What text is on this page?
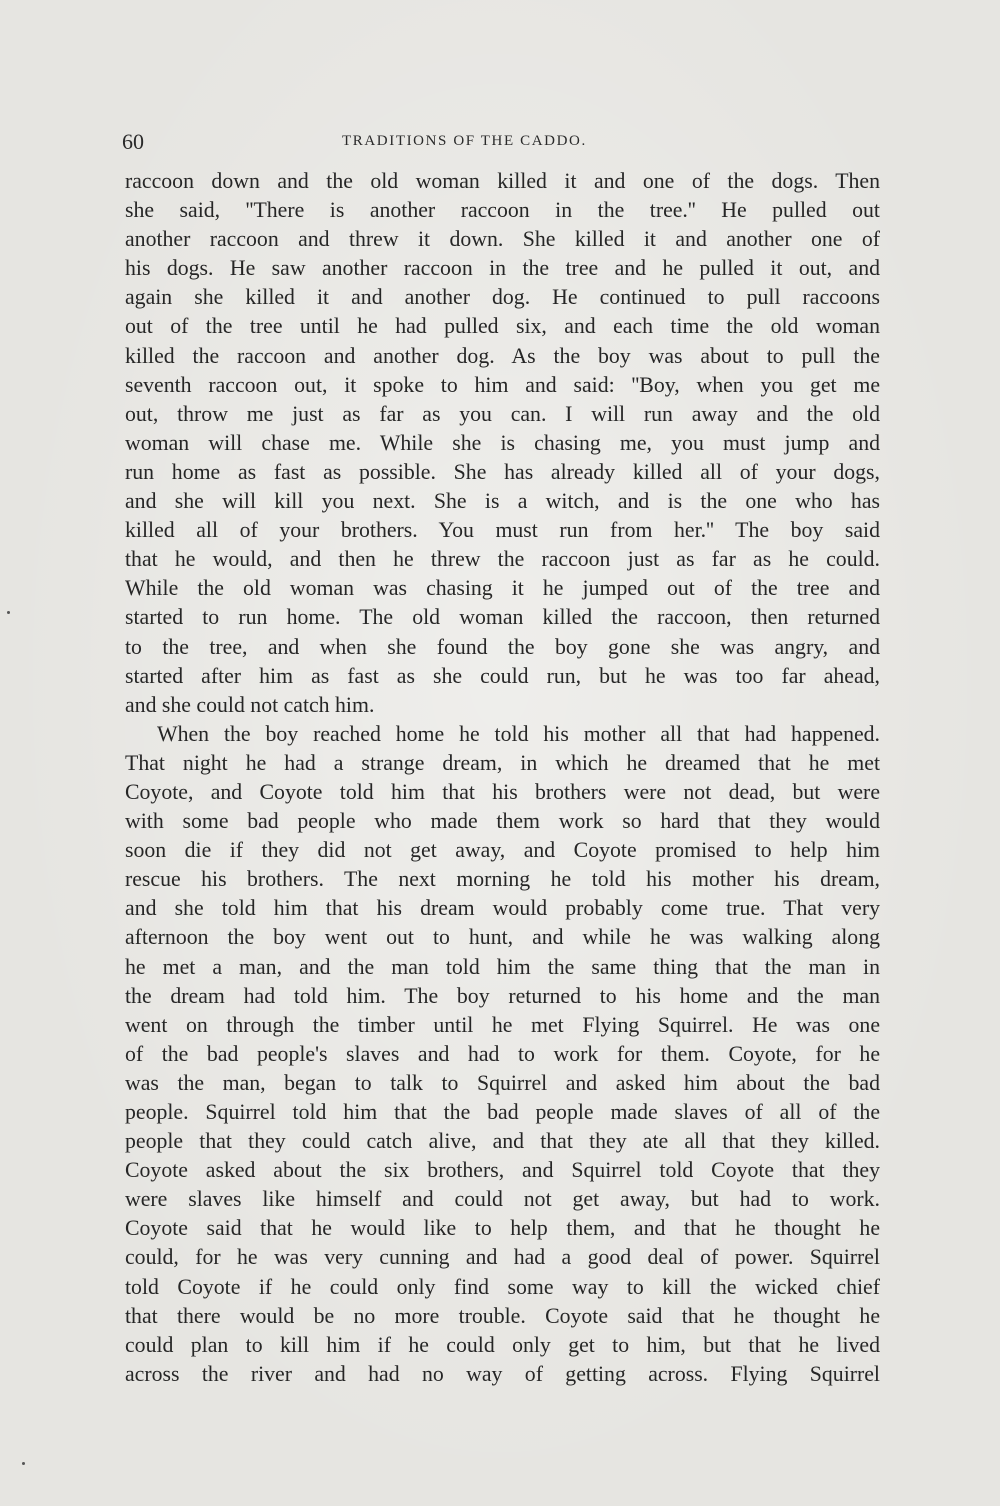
60	TRADITIONS OF THE CADDO.
raccoon down and the old woman killed it and one of the dogs. Then
she said, ''There is another raccoon in the tree.'' He pulled out
another raccoon and threw it down. She killed it and another one of
his dogs. He saw another raccoon in the tree and he pulled it out, and
again she killed it and another dog. He continued to pull raccoons
out of the tree until he had pulled six, and each time the old woman
killed the raccoon and another dog. As the boy was about to pull the
seventh raccoon out, it spoke to him and said: ''Boy, when you get me
out, throw me just as far as you can. I will run away and the old
woman will chase me. While she is chasing me, you must jump and
run home as fast as possible. She has already killed all of your dogs,
and she will kill you next. She is a witch, and is the one who has
killed all of your brothers. You must run from her.'' The boy said
that he would, and then he threw the raccoon just as far as he could.
While the old woman was chasing it he jumped out of the tree and
started to run home. The old woman killed the raccoon, then returned
to the tree, and when she found the boy gone she was angry, and
started after him as fast as she could run, but he was too far ahead,
and she could not catch him.
When the boy reached home he told his mother all that had happened.
That night he had a strange dream, in which he dreamed that he met
Coyote, and Coyote told him that his brothers were not dead, but were
with some bad people who made them work so hard that they would
soon die if they did not get away, and Coyote promised to help him
rescue his brothers. The next morning he told his mother his dream,
and she told him that his dream would probably come true. That very
afternoon the boy went out to hunt, and while he was walking along
he met a man, and the man told him the same thing that the man in
the dream had told him. The boy returned to his home and the man
went on through the timber until he met Flying Squirrel. He was one
of the bad people's slaves and had to work for them. Coyote, for he
was the man, began to talk to Squirrel and asked him about the bad
people. Squirrel told him that the bad people made slaves of all of the
people that they could catch alive, and that they ate all that they killed.
Coyote asked about the six brothers, and Squirrel told Coyote that they
were slaves like himself and could not get away, but had to work.
Coyote said that he would like to help them, and that he thought he
could, for he was very cunning and had a good deal of power. Squirrel
told Coyote if he could only find some way to kill the wicked chief
that there would be no more trouble. Coyote said that he thought he
could plan to kill him if he could only get to him, but that he lived
across the river and had no way of getting across. Flying Squirrel
